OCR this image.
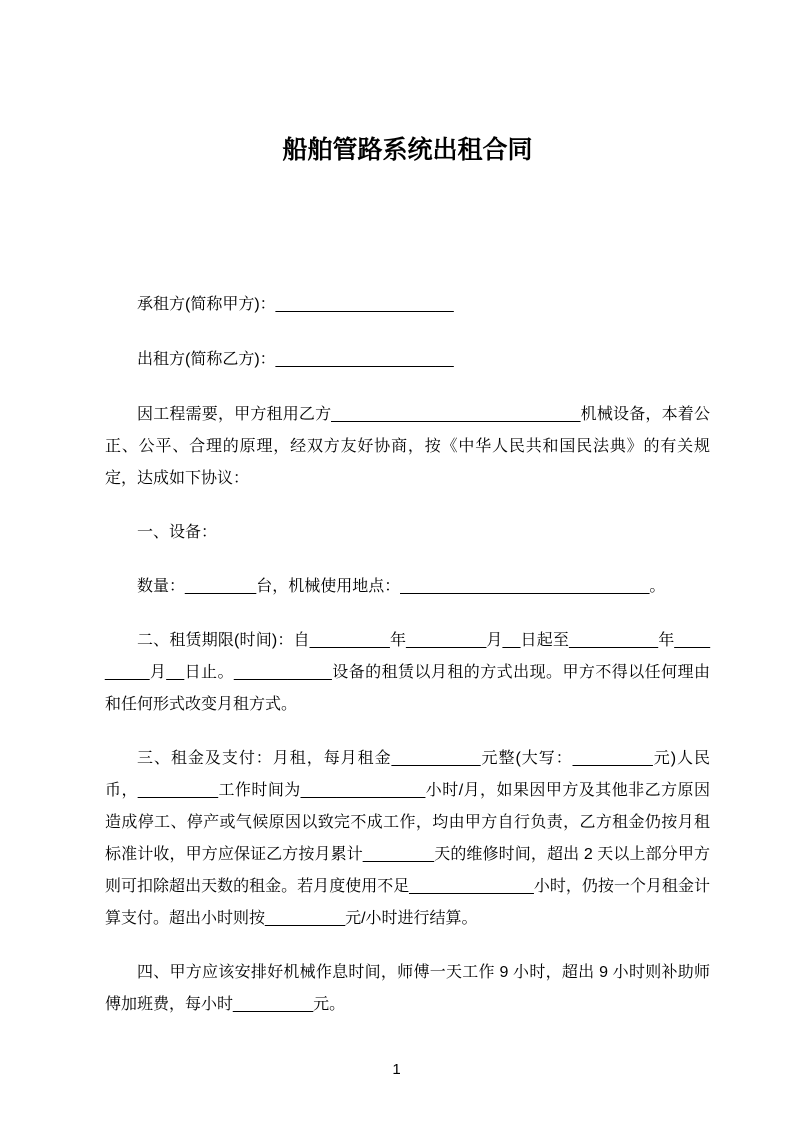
船舶管路系统出租合同

承租方(简称甲方)：____________________

出租方(简称乙方)：____________________

因工程需要，甲方租用乙方____________________________机械设备，本着公正、公平、合理的原理，经双方友好协商，按《中华人民共和国民法典》的有关规定，达成如下协议：

一、设备：

数量：________台，机械使用地点：____________________________。

二、租赁期限(时间)：自_________年_________月__日起至__________年_________月__日止。___________设备的租赁以月租的方式出现。甲方不得以任何理由和任何形式改变月租方式。

三、租金及支付：月租，每月租金__________元整(大写：_________元)人民币，_________工作时间为______________小时/月，如果因甲方及其他非乙方原因造成停工、停产或气候原因以致完不成工作，均由甲方自行负责，乙方租金仍按月租标准计收，甲方应保证乙方按月累计________天的维修时间，超出 2 天以上部分甲方则可扣除超出天数的租金。若月度使用不足______________小时，仍按一个月租金计算支付。超出小时则按_________元/小时进行结算。

四、甲方应该安排好机械作息时间，师傅一天工作 9 小时，超出 9 小时则补助师傅加班费，每小时_________元。

1
